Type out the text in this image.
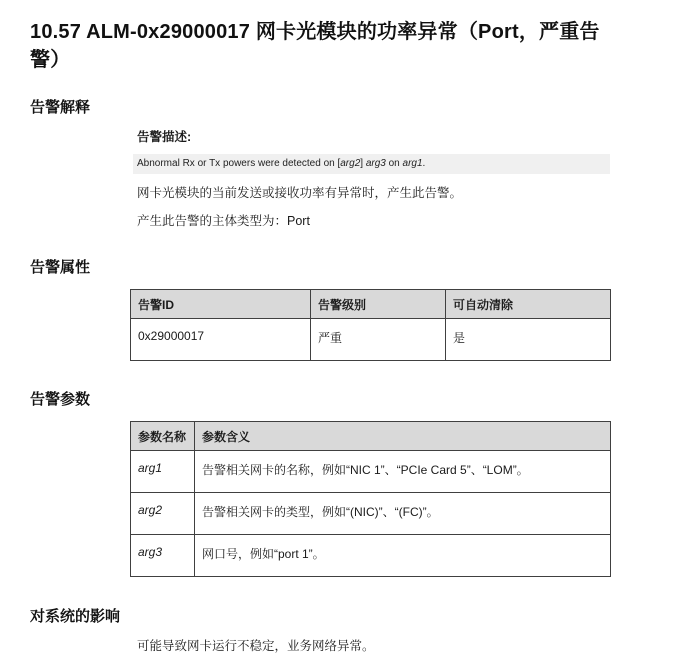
10.57 ALM-0x29000017 网卡光模块的功率异常（Port，严重告警）
告警解释
告警描述:
Abnormal Rx or Tx powers were detected on [arg2] arg3 on arg1.
网卡光模块的当前发送或接收功率有异常时，产生此告警。
产生此告警的主体类型为：Port
告警属性
告警ID	告警级别	可自动清除
0x29000017	严重	是
告警参数
参数名称	参数含义
arg1	告警相关网卡的名称，例如“NIC 1”、“PCIe Card 5”、“LOM”。
arg2	告警相关网卡的类型，例如“(NIC)”、“(FC)”。
arg3	网口号，例如“port 1”。
对系统的影响
可能导致网卡运行不稳定，业务网络异常。
